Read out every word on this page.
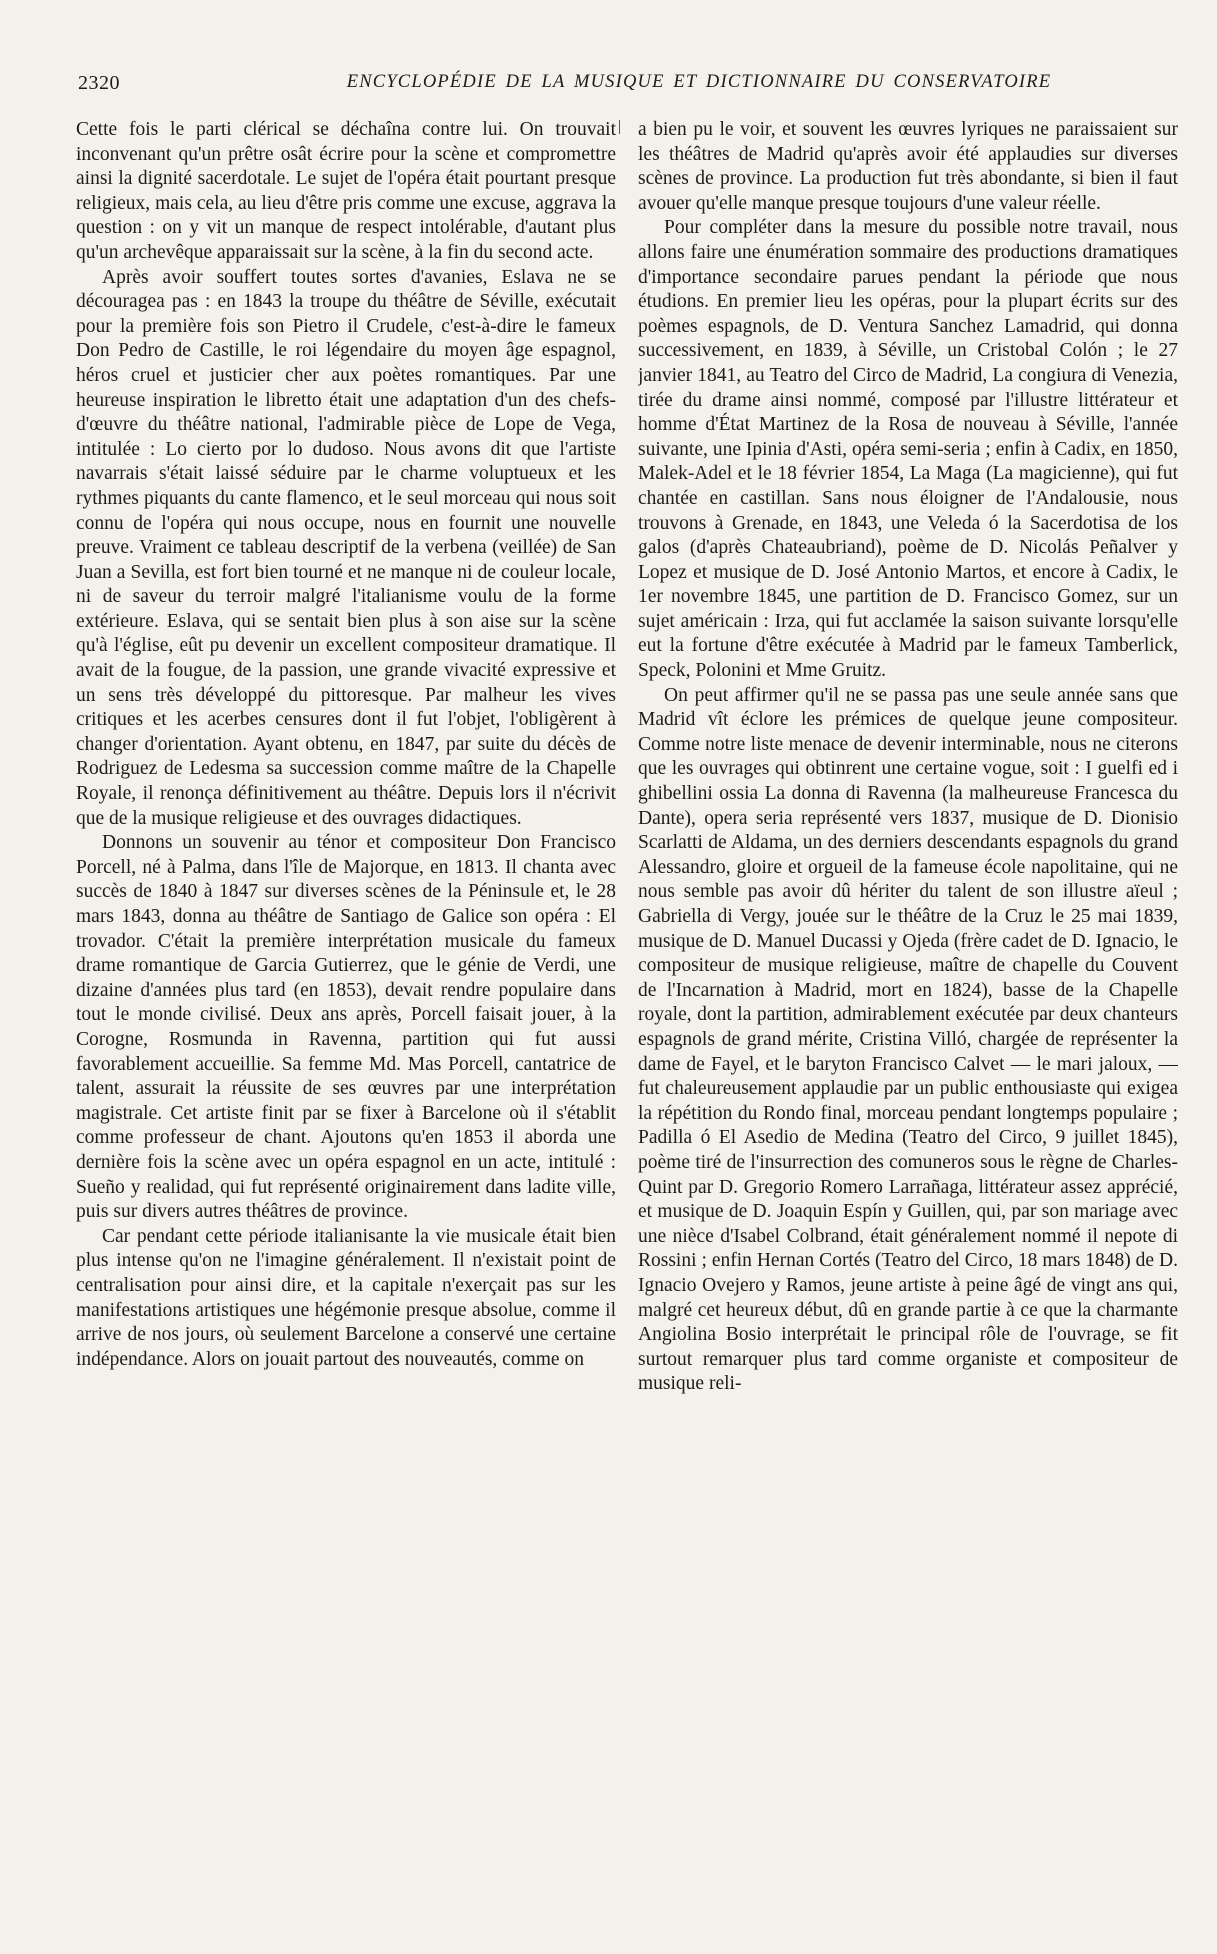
2320	ENCYCLOPÉDIE DE LA MUSIQUE ET DICTIONNAIRE DU CONSERVATOIRE

Cette fois le parti clérical se déchaîna contre lui. On trouvait inconvenant qu'un prêtre osât écrire pour la scène et compromettre ainsi la dignité sacerdotale. Le sujet de l'opéra était pourtant presque religieux, mais cela, au lieu d'être pris comme une excuse, aggrava la question : on y vit un manque de respect intolérable, d'autant plus qu'un archevêque apparaissait sur la scène, à la fin du second acte.

Après avoir souffert toutes sortes d'avanies, Eslava ne se découragea pas : en 1843 la troupe du théâtre de Séville, exécutait pour la première fois son Pietro il Crudele, c'est-à-dire le fameux Don Pedro de Castille, le roi légendaire du moyen âge espagnol, héros cruel et justicier cher aux poètes romantiques. Par une heureuse inspiration le libretto était une adaptation d'un des chefs-d'œuvre du théâtre national, l'admirable pièce de Lope de Vega, intitulée : Lo cierto por lo dudoso. Nous avons dit que l'artiste navarrais s'était laissé séduire par le charme voluptueux et les rythmes piquants du cante flamenco, et le seul morceau qui nous soit connu de l'opéra qui nous occupe, nous en fournit une nouvelle preuve. Vraiment ce tableau descriptif de la verbena (veillée) de San Juan a Sevilla, est fort bien tourné et ne manque ni de couleur locale, ni de saveur du terroir malgré l'italianisme voulu de la forme extérieure. Eslava, qui se sentait bien plus à son aise sur la scène qu'à l'église, eût pu devenir un excellent compositeur dramatique. Il avait de la fougue, de la passion, une grande vivacité expressive et un sens très développé du pittoresque. Par malheur les vives critiques et les acerbes censures dont il fut l'objet, l'obligèrent à changer d'orientation. Ayant obtenu, en 1847, par suite du décès de Rodriguez de Ledesma sa succession comme maître de la Chapelle Royale, il renonça définitivement au théâtre. Depuis lors il n'écrivit que de la musique religieuse et des ouvrages didactiques.

Donnons un souvenir au ténor et compositeur Don Francisco Porcell, né à Palma, dans l'île de Majorque, en 1813. Il chanta avec succès de 1840 à 1847 sur diverses scènes de la Péninsule et, le 28 mars 1843, donna au théâtre de Santiago de Galice son opéra : El trovador. C'était la première interprétation musicale du fameux drame romantique de Garcia Gutierrez, que le génie de Verdi, une dizaine d'années plus tard (en 1853), devait rendre populaire dans tout le monde civilisé. Deux ans après, Porcell faisait jouer, à la Corogne, Rosmunda in Ravenna, partition qui fut aussi favorablement accueillie. Sa femme Md. Mas Porcell, cantatrice de talent, assurait la réussite de ses œuvres par une interprétation magistrale. Cet artiste finit par se fixer à Barcelone où il s'établit comme professeur de chant. Ajoutons qu'en 1853 il aborda une dernière fois la scène avec un opéra espagnol en un acte, intitulé : Sueño y realidad, qui fut représenté originairement dans ladite ville, puis sur divers autres théâtres de province.

Car pendant cette période italianisante la vie musicale était bien plus intense qu'on ne l'imagine généralement. Il n'existait point de centralisation pour ainsi dire, et la capitale n'exerçait pas sur les manifestations artistiques une hégémonie presque absolue, comme il arrive de nos jours, où seulement Barcelone a conservé une certaine indépendance. Alors on jouait partout des nouveautés, comme on

a bien pu le voir, et souvent les œuvres lyriques ne paraissaient sur les théâtres de Madrid qu'après avoir été applaudies sur diverses scènes de province. La production fut très abondante, si bien il faut avouer qu'elle manque presque toujours d'une valeur réelle.

Pour compléter dans la mesure du possible notre travail, nous allons faire une énumération sommaire des productions dramatiques d'importance secondaire parues pendant la période que nous étudions. En premier lieu les opéras, pour la plupart écrits sur des poèmes espagnols, de D. Ventura Sanchez Lamadrid, qui donna successivement, en 1839, à Séville, un Cristobal Colón ; le 27 janvier 1841, au Teatro del Circo de Madrid, La congiura di Venezia, tirée du drame ainsi nommé, composé par l'illustre littérateur et homme d'État Martinez de la Rosa de nouveau à Séville, l'année suivante, une Ipinia d'Asti, opéra semi-seria ; enfin à Cadix, en 1850, Malek-Adel et le 18 février 1854, La Maga (La magicienne), qui fut chantée en castillan. Sans nous éloigner de l'Andalousie, nous trouvons à Grenade, en 1843, une Veleda ó la Sacerdotisa de los galos (d'après Chateaubriand), poème de D. Nicolás Peñalver y Lopez et musique de D. José Antonio Martos, et encore à Cadix, le 1er novembre 1845, une partition de D. Francisco Gomez, sur un sujet américain : Irza, qui fut acclamée la saison suivante lorsqu'elle eut la fortune d'être exécutée à Madrid par le fameux Tamberlick, Speck, Polonini et Mme Gruitz.

On peut affirmer qu'il ne se passa pas une seule année sans que Madrid vît éclore les prémices de quelque jeune compositeur. Comme notre liste menace de devenir interminable, nous ne citerons que les ouvrages qui obtinrent une certaine vogue, soit : I guelfi ed i ghibellini ossia La donna di Ravenna (la malheureuse Francesca du Dante), opera seria représenté vers 1837, musique de D. Dionisio Scarlatti de Aldama, un des derniers descendants espagnols du grand Alessandro, gloire et orgueil de la fameuse école napolitaine, qui ne nous semble pas avoir dû hériter du talent de son illustre aïeul ; Gabriella di Vergy, jouée sur le théâtre de la Cruz le 25 mai 1839, musique de D. Manuel Ducassi y Ojeda (frère cadet de D. Ignacio, le compositeur de musique religieuse, maître de chapelle du Couvent de l'Incarnation à Madrid, mort en 1824), basse de la Chapelle royale, dont la partition, admirablement exécutée par deux chanteurs espagnols de grand mérite, Cristina Villó, chargée de représenter la dame de Fayel, et le baryton Francisco Calvet — le mari jaloux, — fut chaleureusement applaudie par un public enthousiaste qui exigea la répétition du Rondo final, morceau pendant longtemps populaire ; Padilla ó El Asedio de Medina (Teatro del Circo, 9 juillet 1845), poème tiré de l'insurrection des comuneros sous le règne de Charles-Quint par D. Gregorio Romero Larrañaga, littérateur assez apprécié, et musique de D. Joaquin Espín y Guillen, qui, par son mariage avec une nièce d'Isabel Colbrand, était généralement nommé il nepote di Rossini ; enfin Hernan Cortés (Teatro del Circo, 18 mars 1848) de D. Ignacio Ovejero y Ramos, jeune artiste à peine âgé de vingt ans qui, malgré cet heureux début, dû en grande partie à ce que la charmante Angiolina Bosio interprétait le principal rôle de l'ouvrage, se fit surtout remarquer plus tard comme organiste et compositeur de musique reli-
